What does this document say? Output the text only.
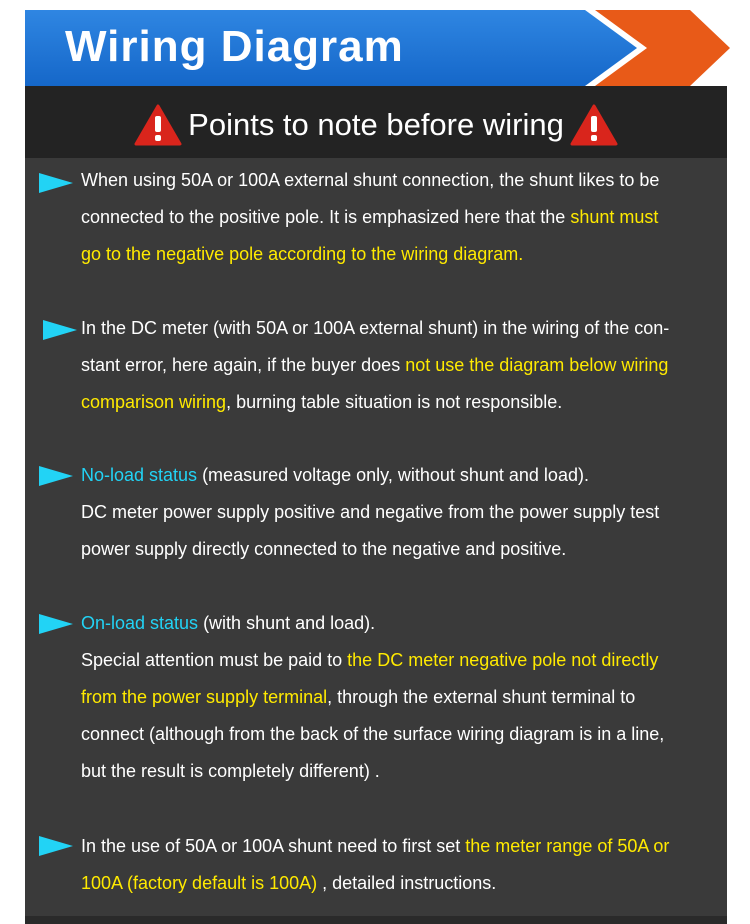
Wiring Diagram
Points to note before wiring
When using 50A or 100A external shunt connection, the shunt likes to be
connected to the positive pole. It is emphasized here that the shunt must
go to the negative pole according to the wiring diagram.
In the DC meter (with 50A or 100A external shunt) in the wiring of the con-
stant error, here again, if the buyer does not use the diagram below wiring
comparison wiring, burning table situation is not responsible.
No-load status (measured voltage only, without shunt and load).
DC meter power supply positive and negative from the power supply test
power supply directly connected to the negative and positive.
On-load status (with shunt and load).
Special attention must be paid to the DC meter negative pole not directly
from the power supply terminal, through the external shunt terminal to
connect (although from the back of the surface wiring diagram is in a line,
but the result is completely different) .
In the use of 50A or 100A shunt need to first set the meter range of 50A or
100A (factory default is 100A) , detailed instructions.
